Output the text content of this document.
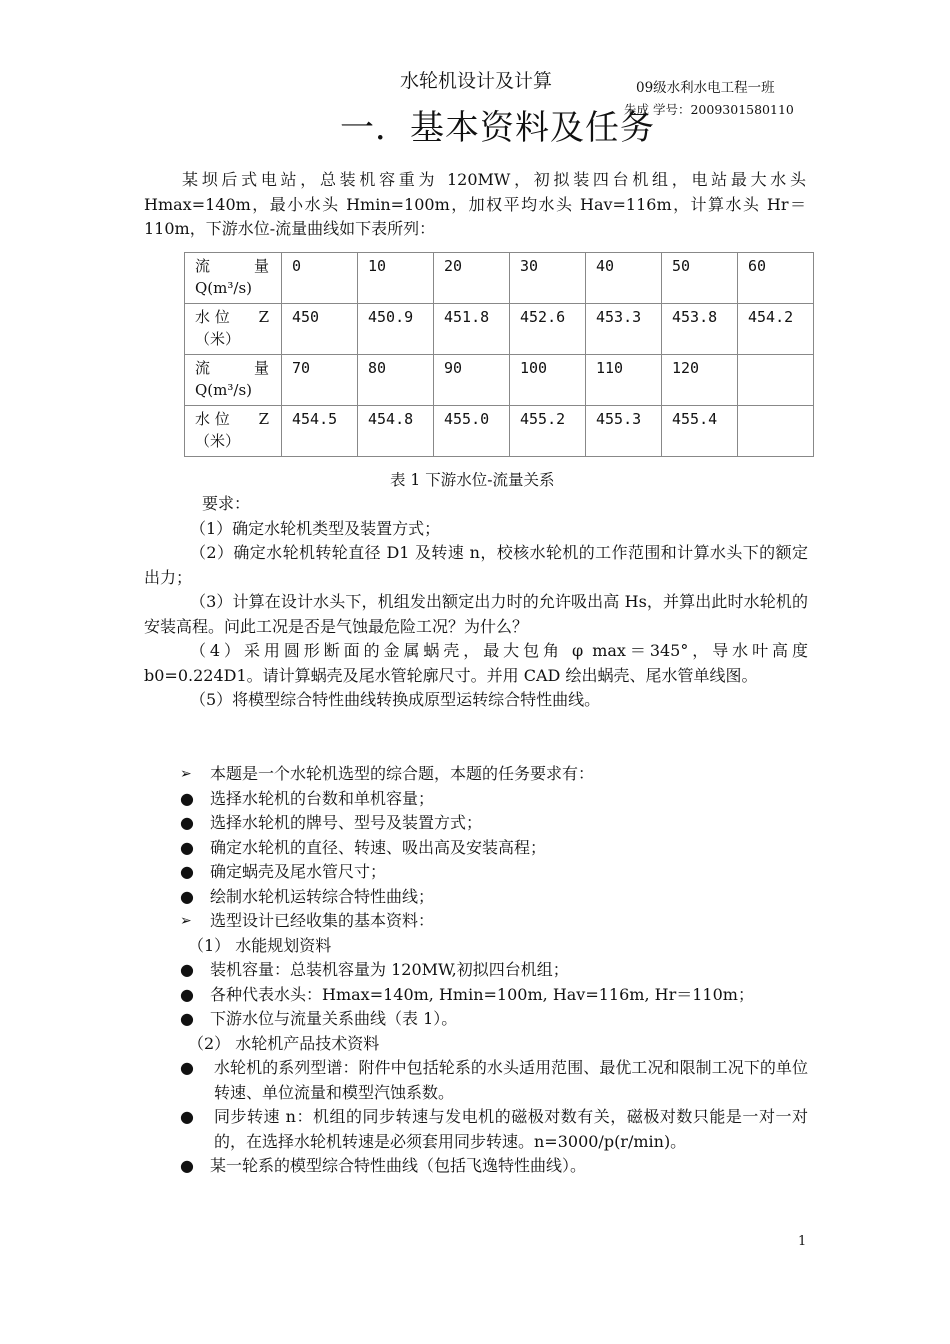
水轮机设计及计算	09级水利水电工程一班
朱成 学号：2009301580110
一．基本资料及任务

某坝后式电站，总装机容重为 120MW，初拟装四台机组，电站最大水头 Hmax=140m，最小水头 Hmin=100m，加权平均水头 Hav=116m，计算水头 Hr＝110m，下游水位-流量曲线如下表所列：

流 量
Q(m³/s)	0	10	20	30	40	50	60

水 位 Z
（米）	450	450.9	451.8	452.6	453.3	453.8	454.2

流 量
Q(m³/s)	70	80	90	100	110	120	

水 位 Z
（米）	454.5	454.8	455.0	455.2	455.3	455.4	
表 1 下游水位-流量关系

要求：

（1）确定水轮机类型及装置方式；

（2）确定水轮机转轮直径 D1 及转速 n，校核水轮机的工作范围和计算水头下的额定出力；

（3）计算在设计水头下，机组发出额定出力时的允许吸出高 Hs，并算出此时水轮机的安装高程。问此工况是否是气蚀最危险工况？为什么？

（4）采用圆形断面的金属蜗壳，最大包角 φ max＝345°，导水叶高度 b0=0.224D1。请计算蜗壳及尾水管轮廓尺寸。并用 CAD 绘出蜗壳、尾水管单线图。

（5）将模型综合特性曲线转换成原型运转综合特性曲线。

➢	本题是一个水轮机选型的综合题，本题的任务要求有：
●	选择水轮机的台数和单机容量；
●	选择水轮机的牌号、型号及装置方式；
●	确定水轮机的直径、转速、吸出高及安装高程；
●	确定蜗壳及尾水管尺寸；
●	绘制水轮机运转综合特性曲线；
➢	选型设计已经收集的基本资料：
（1） 水能规划资料
●	装机容量：总装机容量为 120MW,初拟四台机组；
●	各种代表水头：Hmax=140m, Hmin=100m, Hav=116m, Hr＝110m；
●	下游水位与流量关系曲线（表 1）。
（2） 水轮机产品技术资料
●	水轮机的系列型谱：附件中包括轮系的水头适用范围、最优工况和限制工况下的单位转速、单位流量和模型汽蚀系数。
●	同步转速 n：机组的同步转速与发电机的磁极对数有关，磁极对数只能是一对一对的，在选择水轮机转速是必须套用同步转速。n=3000/p(r/min)。
●	某一轮系的模型综合特性曲线（包括飞逸特性曲线）。
1
